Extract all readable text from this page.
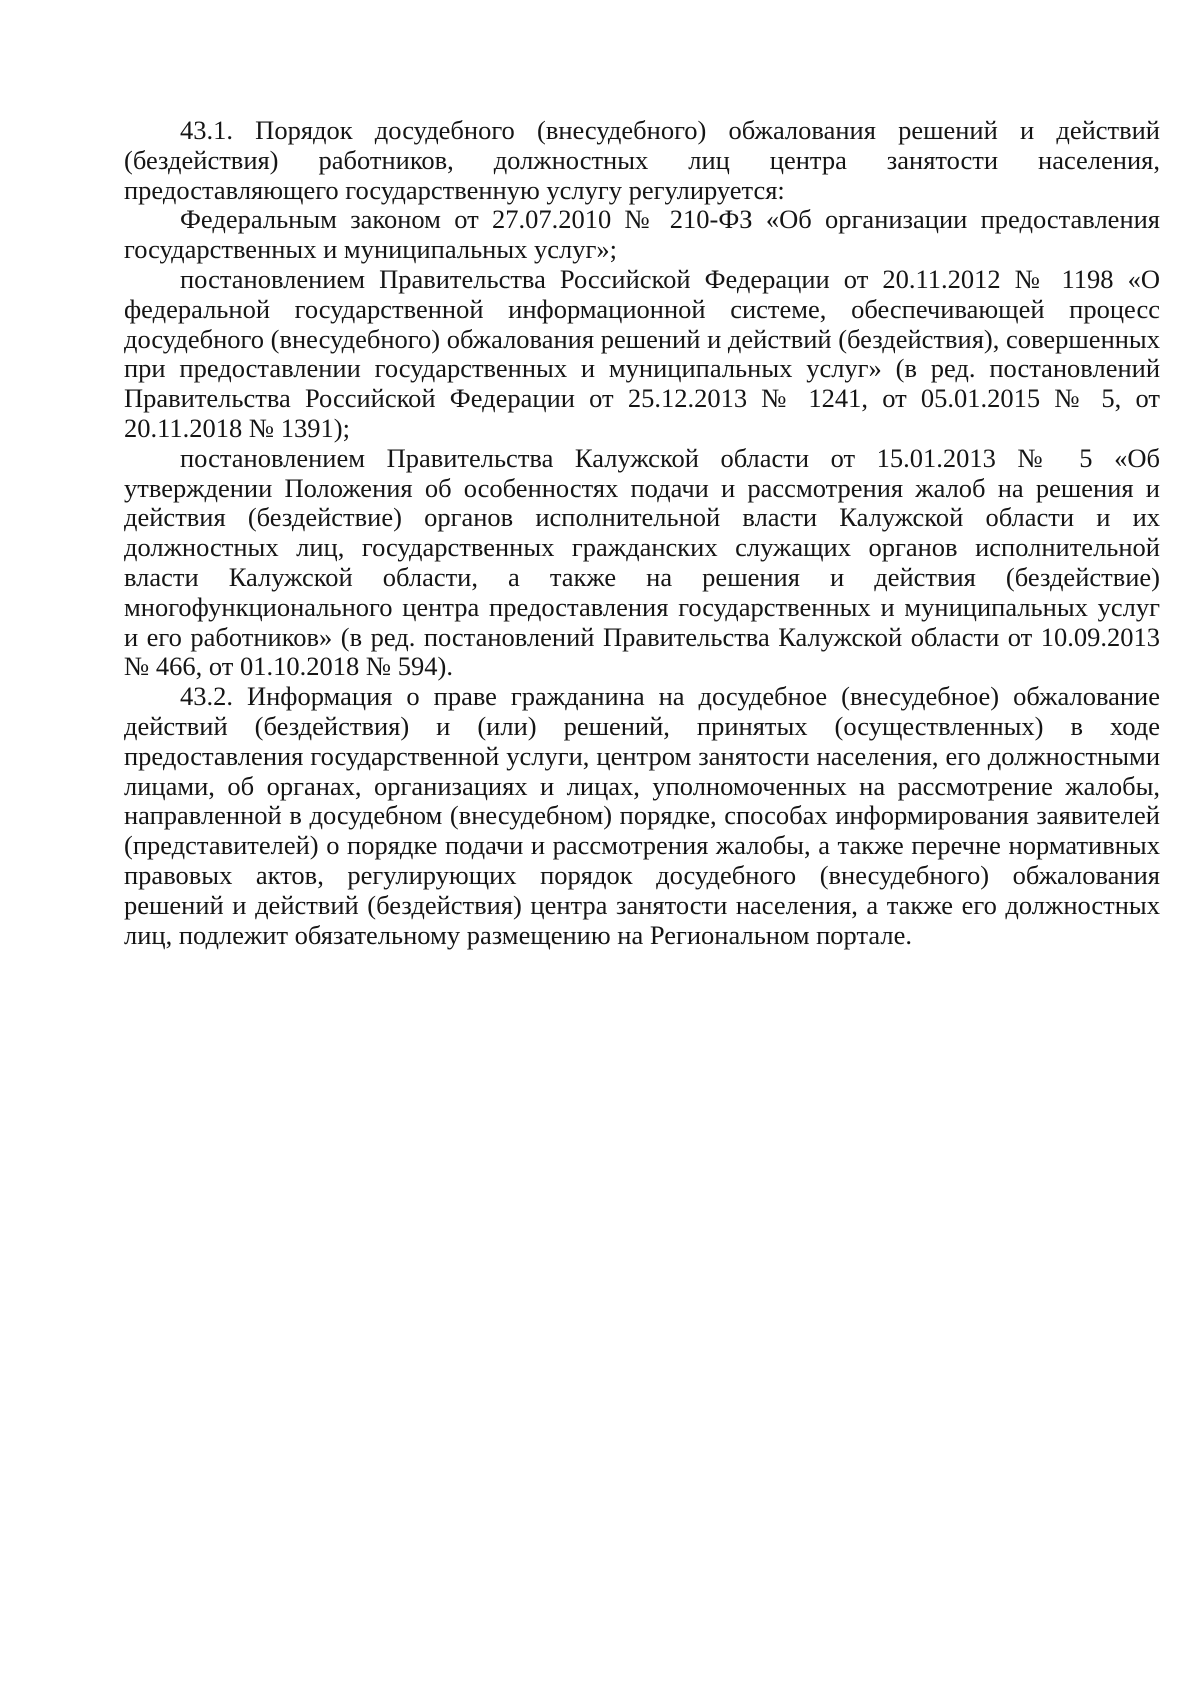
43.1. Порядок досудебного (внесудебного) обжалования решений и действий (бездействия) работников, должностных лиц центра занятости населения, предоставляющего государственную услугу регулируется:

Федеральным законом от 27.07.2010 № 210-ФЗ «Об организации предоставления государственных и муниципальных услуг»;

постановлением Правительства Российской Федерации от 20.11.2012 № 1198 «О федеральной государственной информационной системе, обеспечивающей процесс досудебного (внесудебного) обжалования решений и действий (бездействия), совершенных при предоставлении государственных и муниципальных услуг» (в ред. постановлений Правительства Российской Федерации от 25.12.2013 № 1241, от 05.01.2015 № 5, от 20.11.2018 № 1391);

постановлением Правительства Калужской области от 15.01.2013 № 5 «Об утверждении Положения об особенностях подачи и рассмотрения жалоб на решения и действия (бездействие) органов исполнительной власти Калужской области и их должностных лиц, государственных гражданских служащих органов исполнительной власти Калужской области, а также на решения и действия (бездействие) многофункционального центра предоставления государственных и муниципальных услуг и его работников» (в ред. постановлений Правительства Калужской области от 10.09.2013 № 466, от 01.10.2018 № 594).

43.2. Информация о праве гражданина на досудебное (внесудебное) обжалование действий (бездействия) и (или) решений, принятых (осуществленных) в ходе предоставления государственной услуги, центром занятости населения, его должностными лицами, об органах, организациях и лицах, уполномоченных на рассмотрение жалобы, направленной в досудебном (внесудебном) порядке, способах информирования заявителей (представителей) о порядке подачи и рассмотрения жалобы, а также перечне нормативных правовых актов, регулирующих порядок досудебного (внесудебного) обжалования решений и действий (бездействия) центра занятости населения, а также его должностных лиц, подлежит обязательному размещению на Региональном портале.
